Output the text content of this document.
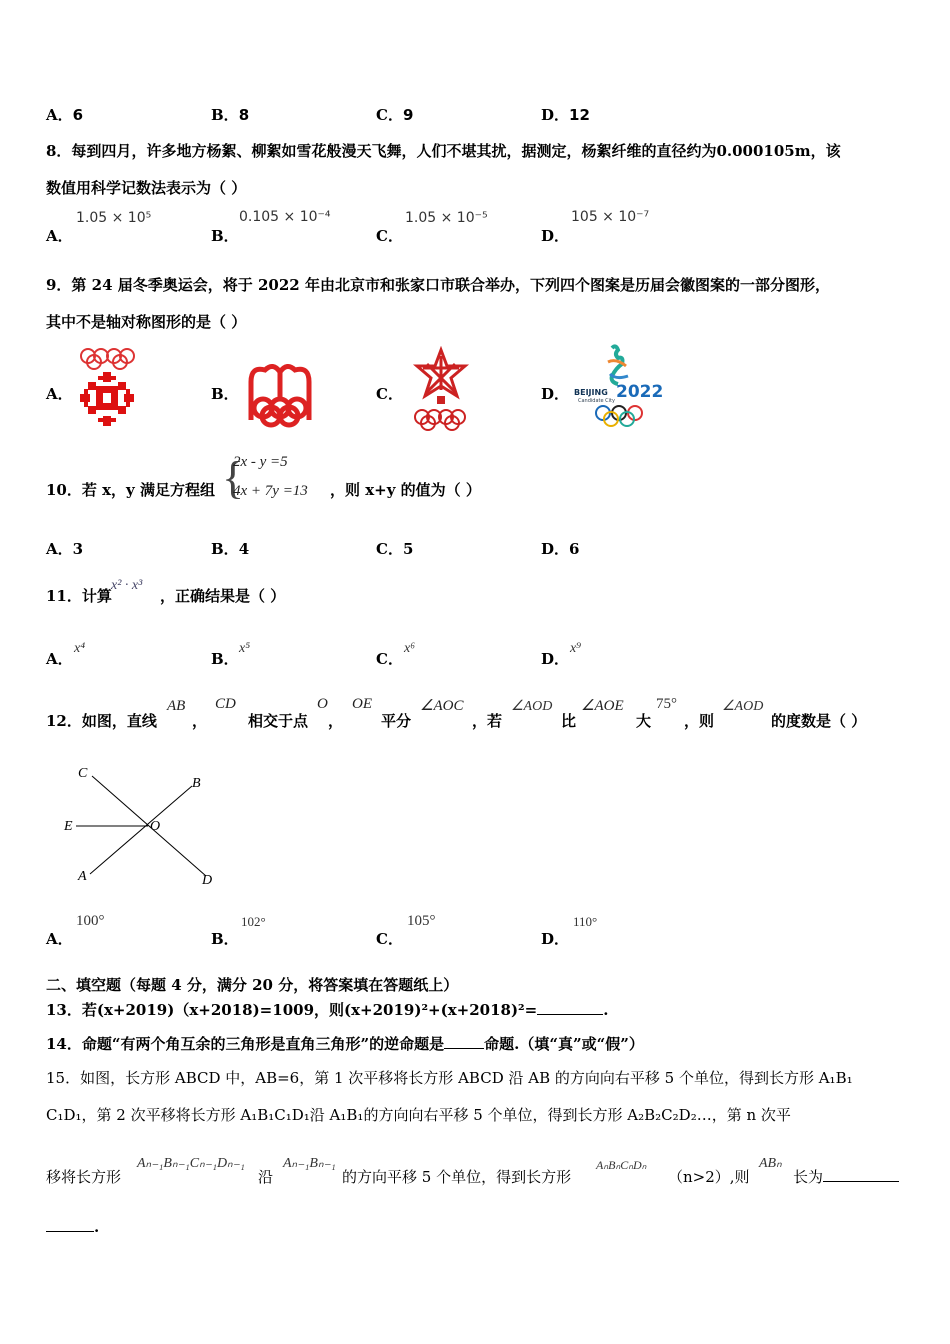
A．6	B．8	C．9	D．12
8．每到四月，许多地方杨絮、柳絮如雪花般漫天飞舞，人们不堪其扰，据测定，杨絮纤维的直径约为0.000105m，该
数值用科学记数法表示为（ ）
A．
1.05 × 10⁵
B．
0.105 × 10⁻⁴
C．
1.05 × 10⁻⁵
D．
105 × 10⁻⁷
9．第 24 届冬季奥运会，将于 2022 年由北京市和张家口市联合举办，下列四个图案是历届会徽图案的一部分图形，
其中不是轴对称图形的是（ ）
A．	B．	C．	D． BEIJING 2022
Candidate City
10．若 x，y 满足方程组 {
2x - y =5
4x + 7y =13 ，则 x+y 的值为（ ）
A．3	B．4	C．5	D．6
11．计算
x² · x³
，正确结果是（ ）
A．
x⁴
B．
x⁵
C．
x⁶
D．
x⁹
12．如图，直线
AB
，
CD
相交于点
O
，
OE
平分
∠AOC
，若
∠AOD
比
∠AOE
大
75°
，则
∠AOD
的度数是（ ）
C
B
E	O
A	D
A．
100°
B．
102°
C．
105°
D．
110°
二、填空题（每题 4 分，满分 20 分，将答案填在答题纸上）
13．若(x+2019)（x+2018)=1009，则(x+2019)²+(x+2018)²=	.
14．命题“有两个角互余的三角形是直角三角形”的逆命题是	命题.（填“真”或“假”）
15．如图，长方形 ABCD 中，AB=6，第 1 次平移将长方形 ABCD 沿 AB 的方向向右平移 5 个单位，得到长方形 A₁B₁
C₁D₁，第 2 次平移将长方形 A₁B₁C₁D₁沿 A₁B₁的方向向右平移 5 个单位，得到长方形 A₂B₂C₂D₂…，第 n 次平
移将长方形
Aₙ₋₁Bₙ₋₁Cₙ₋₁Dₙ₋₁
沿
Aₙ₋₁Bₙ₋₁
的方向平移 5 个单位，得到长方形
AₙBₙCₙDₙ
（n>2）,则
ABₙ
长为
.
